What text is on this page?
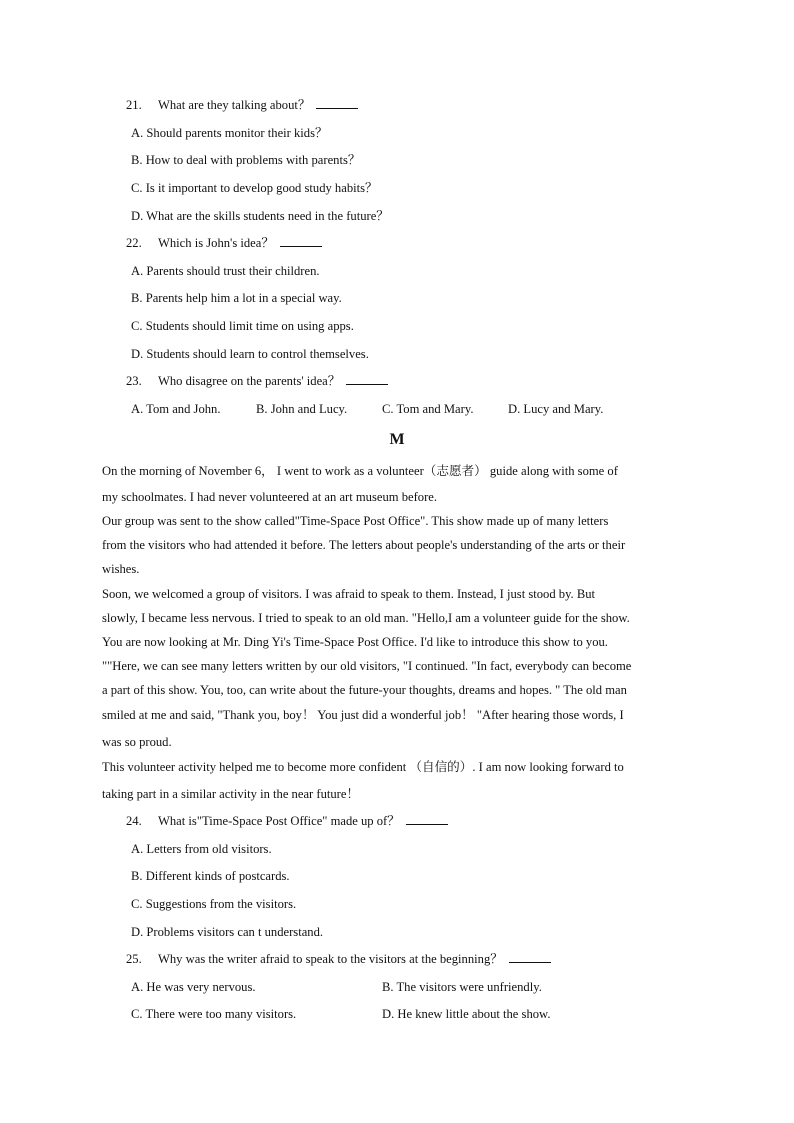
21. What are they talking about？
A. Should parents monitor their kids？
B. How to deal with problems with parents？
C. Is it important to develop good study habits？
D. What are the skills students need in the future？
22. Which is John's idea？
A. Parents should trust their children.
B. Parents help him a lot in a special way.
C. Students should limit time on using apps.
D. Students should learn to control themselves.
23. Who disagree on the parents' idea？
A. Tom and John.	B. John and Lucy.	C. Tom and Mary.	D. Lucy and Mary.
M
On the morning of November 6， I went to work as a volunteer（志愿者） guide along with some of
my schoolmates. I had never volunteered at an art museum before.
Our group was sent to the show called"Time-Space Post Office". This show made up of many letters
from the visitors who had attended it before. The letters about people's understanding of the arts or their
wishes.
Soon, we welcomed a group of visitors. I was afraid to speak to them. Instead, I just stood by. But
slowly, I became less nervous. I tried to speak to an old man. "Hello,I am a volunteer guide for the show.
You are now looking at Mr. Ding Yi's Time-Space Post Office. I'd like to introduce this show to you.
""Here, we can see many letters written by our old visitors, "I continued. "In fact, everybody can become
a part of this show. You, too, can write about the future-your thoughts, dreams and hopes. " The old man
smiled at me and said, "Thank you, boy！ You just did a wonderful job！ "After hearing those words, I
was so proud.
This volunteer activity helped me to become more confident （自信的）. I am now looking forward to
taking part in a similar activity in the near future！
24. What is"Time-Space Post Office" made up of？
A. Letters from old visitors.
B. Different kinds of postcards.
C. Suggestions from the visitors.
D. Problems visitors can t understand.
25. Why was the writer afraid to speak to the visitors at the beginning？
A. He was very nervous.	B. The visitors were unfriendly.
C. There were too many visitors.	D. He knew little about the show.
